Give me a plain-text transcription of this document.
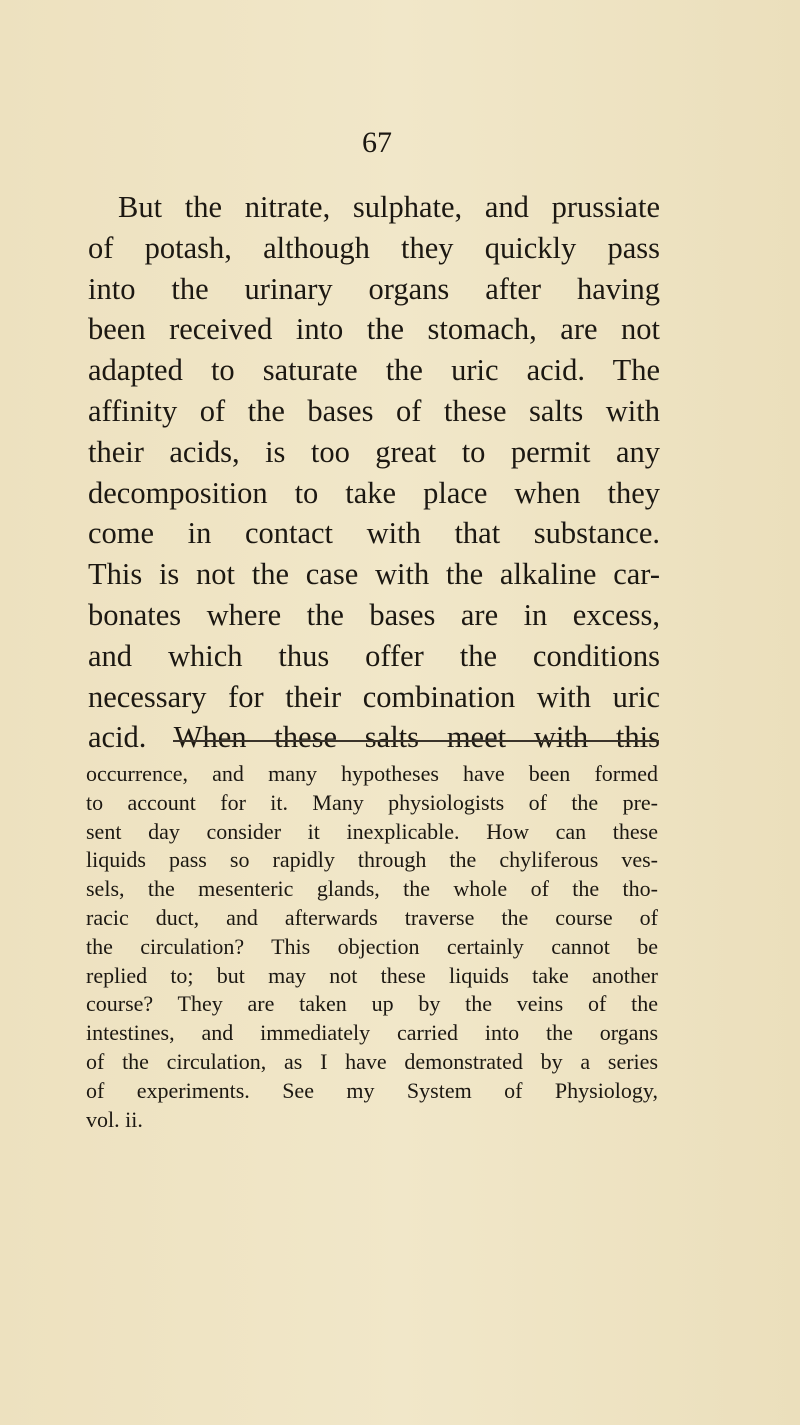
67
But the nitrate, sulphate, and prussiate
of potash, although they quickly pass
into the urinary organs after having
been received into the stomach, are not
adapted to saturate the uric acid. The
affinity of the bases of these salts with
their acids, is too great to permit any
decomposition to take place when they
come in contact with that substance.
This is not the case with the alkaline car-
bonates where the bases are in excess,
and which thus offer the conditions
necessary for their combination with uric
acid. When these salts meet with this
occurrence, and many hypotheses have been formed
to account for it. Many physiologists of the pre-
sent day consider it inexplicable. How can these
liquids pass so rapidly through the chyliferous ves-
sels, the mesenteric glands, the whole of the tho-
racic duct, and afterwards traverse the course of
the circulation? This objection certainly cannot be
replied to; but may not these liquids take another
course? They are taken up by the veins of the
intestines, and immediately carried into the organs
of the circulation, as I have demonstrated by a series
of experiments. See my System of Physiology,
vol. ii.
